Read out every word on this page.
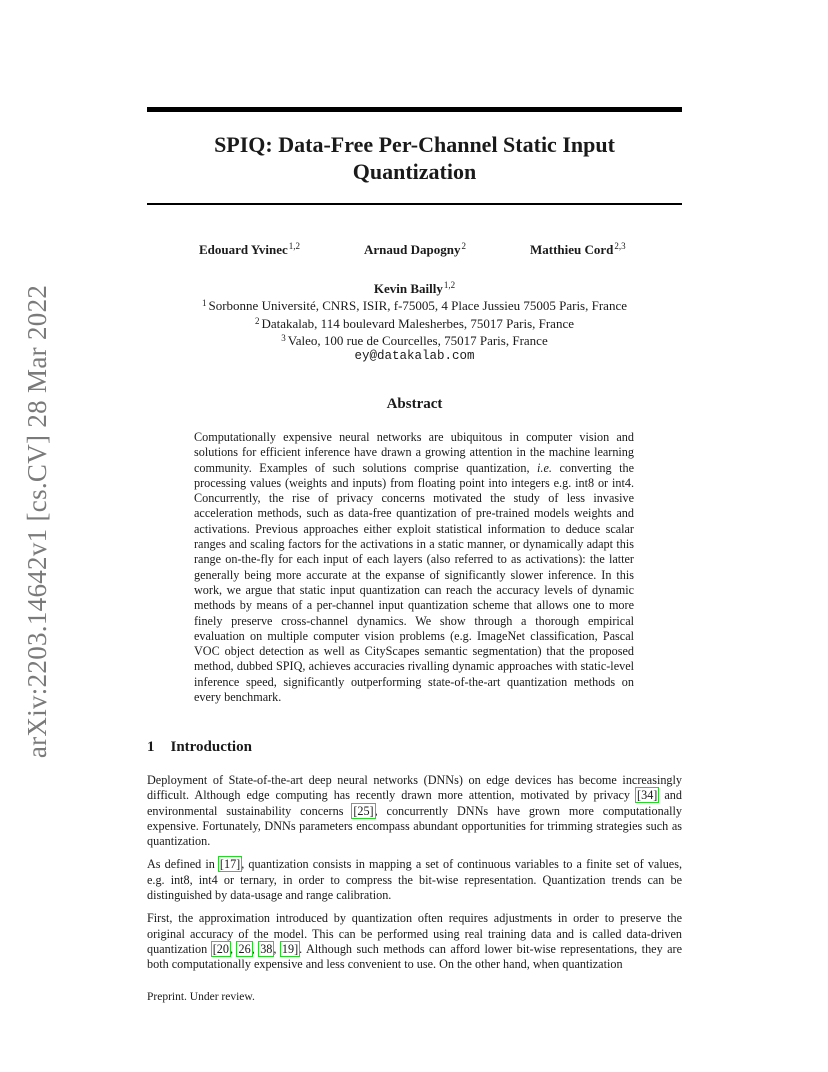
arXiv:2203.14642v1 [cs.CV] 28 Mar 2022
SPIQ: Data-Free Per-Channel Static Input
Quantization
Edouard Yvinec$^{1,2}$	Arnaud Dapogny$^2$	Matthieu Cord$^{2,3}$
Kevin Bailly$^{1,2}$
$^1$ Sorbonne Université, CNRS, ISIR, f-75005, 4 Place Jussieu 75005 Paris, France
$^2$ Datakalab, 114 boulevard Malesherbes, 75017 Paris, France
$^3$ Valeo, 100 rue de Courcelles, 75017 Paris, France
ey@datakalab.com
Abstract

Computationally expensive neural networks are ubiquitous in computer vision and solutions for efficient inference have drawn a growing attention in the machine learning community. Examples of such solutions comprise quantization, i.e. converting the processing values (weights and inputs) from floating point into integers e.g. int8 or int4. Concurrently, the rise of privacy concerns motivated the study of less invasive acceleration methods, such as data-free quantization of pre-trained models weights and activations. Previous approaches either exploit statistical information to deduce scalar ranges and scaling factors for the activations in a static manner, or dynamically adapt this range on-the-fly for each input of each layers (also referred to as activations): the latter generally being more accurate at the expanse of significantly slower inference. In this work, we argue that static input quantization can reach the accuracy levels of dynamic methods by means of a per-channel input quantization scheme that allows one to more finely preserve cross-channel dynamics. We show through a thorough empirical evaluation on multiple computer vision problems (e.g. ImageNet classification, Pascal VOC object detection as well as CityScapes semantic segmentation) that the proposed method, dubbed SPIQ, achieves accuracies rivalling dynamic approaches with static-level inference speed, significantly outperforming state-of-the-art quantization methods on every benchmark.

1 Introduction

Deployment of State-of-the-art deep neural networks (DNNs) on edge devices has become increasingly difficult. Although edge computing has recently drawn more attention, motivated by privacy [34] and environmental sustainability concerns [25], concurrently DNNs have grown more computationally expensive. Fortunately, DNNs parameters encompass abundant opportunities for trimming strategies such as quantization.

As defined in [17], quantization consists in mapping a set of continuous variables to a finite set of values, e.g. int8, int4 or ternary, in order to compress the bit-wise representation. Quantization trends can be distinguished by data-usage and range calibration.

First, the approximation introduced by quantization often requires adjustments in order to preserve the original accuracy of the model. This can be performed using real training data and is called data-driven quantization [20, 26, 38, 19]. Although such methods can afford lower bit-wise representations, they are both computationally expensive and less convenient to use. On the other hand, when quantization

Preprint. Under review.
